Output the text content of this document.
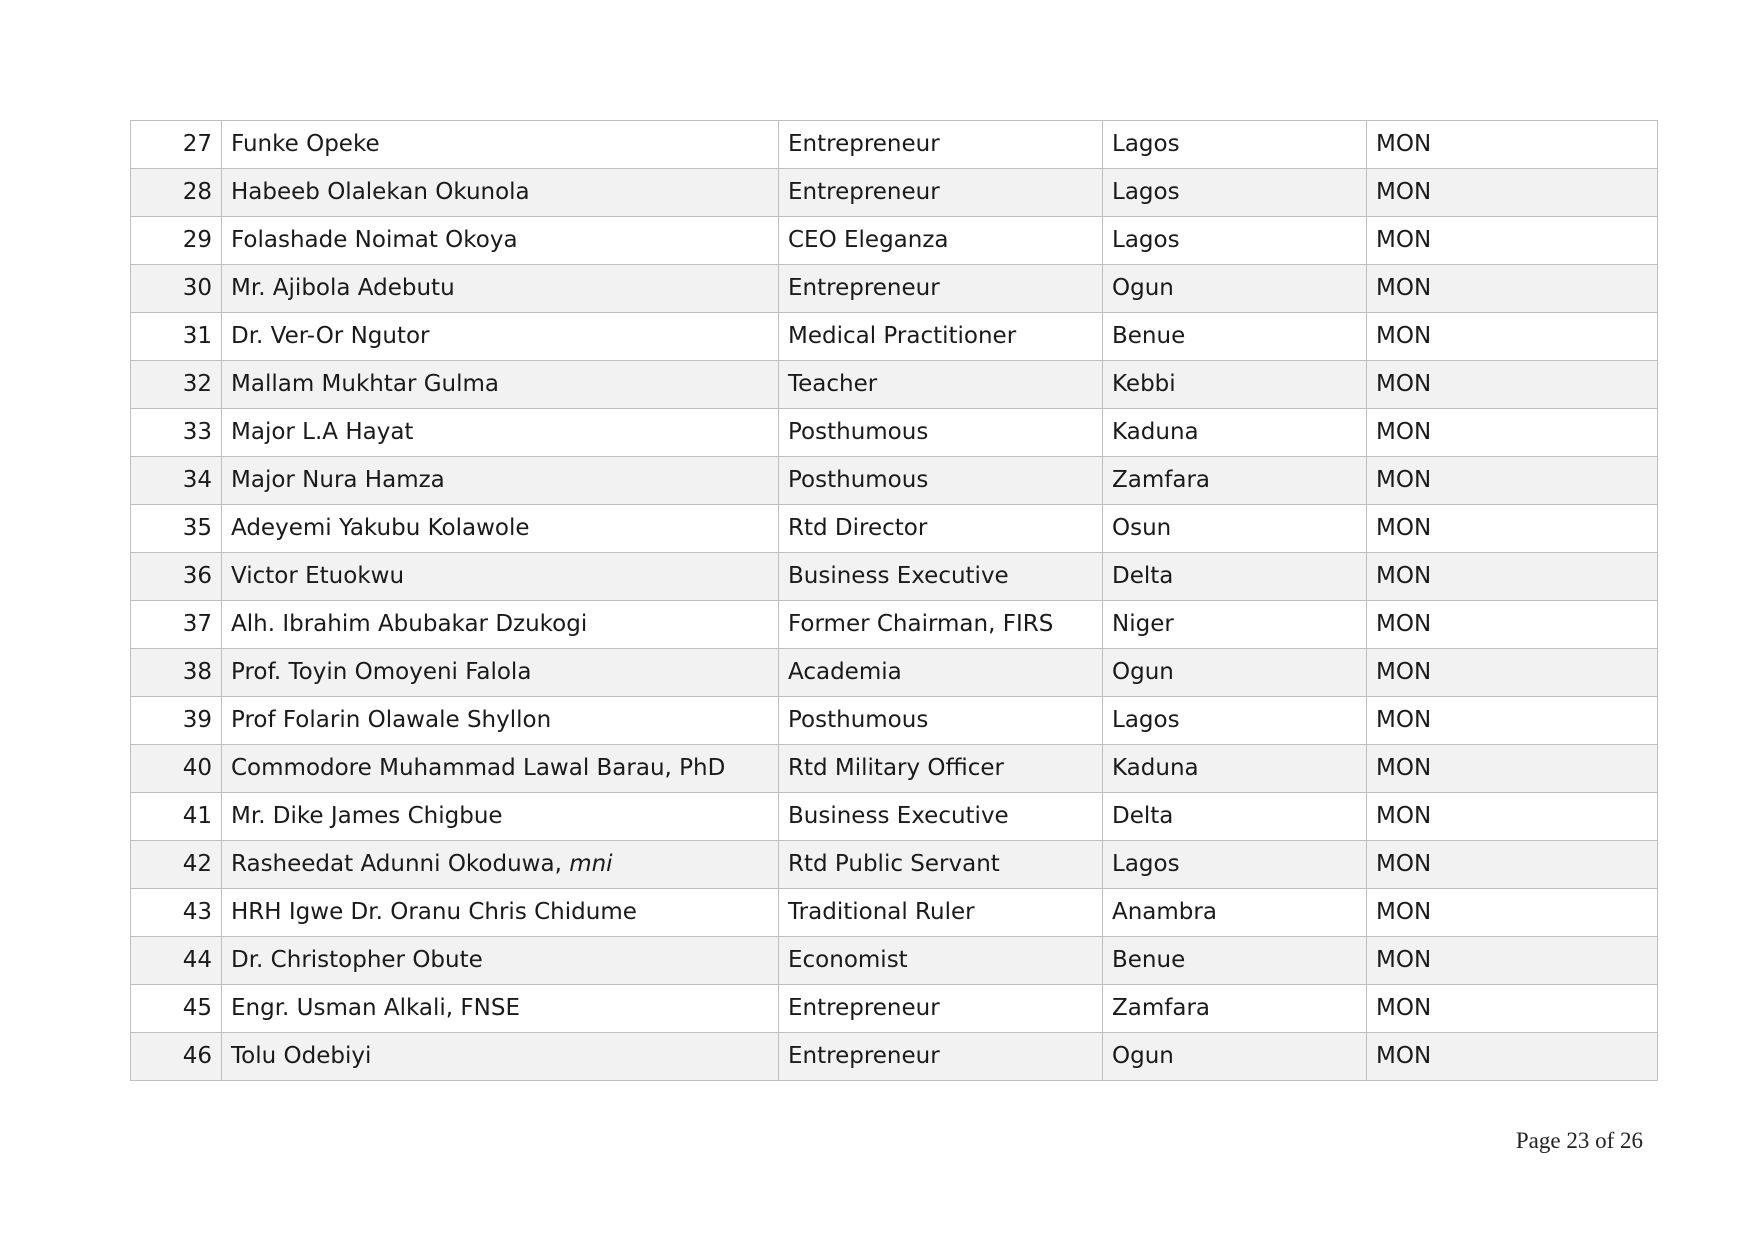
27	Funke Opeke	Entrepreneur	Lagos	MON
28	Habeeb Olalekan Okunola	Entrepreneur	Lagos	MON
29	Folashade Noimat Okoya	CEO Eleganza	Lagos	MON
30	Mr. Ajibola Adebutu	Entrepreneur	Ogun	MON
31	Dr. Ver-Or Ngutor	Medical Practitioner	Benue	MON
32	Mallam Mukhtar Gulma	Teacher	Kebbi	MON
33	Major L.A Hayat	Posthumous	Kaduna	MON
34	Major Nura Hamza	Posthumous	Zamfara	MON
35	Adeyemi Yakubu Kolawole	Rtd Director	Osun	MON
36	Victor Etuokwu	Business Executive	Delta	MON
37	Alh. Ibrahim Abubakar Dzukogi	Former Chairman, FIRS	Niger	MON
38	Prof. Toyin Omoyeni Falola	Academia	Ogun	MON
39	Prof Folarin Olawale Shyllon	Posthumous	Lagos	MON
40	Commodore Muhammad Lawal Barau, PhD	Rtd Military Officer	Kaduna	MON
41	Mr. Dike James Chigbue	Business Executive	Delta	MON
42	Rasheedat Adunni Okoduwa, mni	Rtd Public Servant	Lagos	MON
43	HRH Igwe Dr. Oranu Chris Chidume	Traditional Ruler	Anambra	MON
44	Dr. Christopher Obute	Economist	Benue	MON
45	Engr. Usman Alkali, FNSE	Entrepreneur	Zamfara	MON
46	Tolu Odebiyi	Entrepreneur	Ogun	MON
Page 23 of 26
